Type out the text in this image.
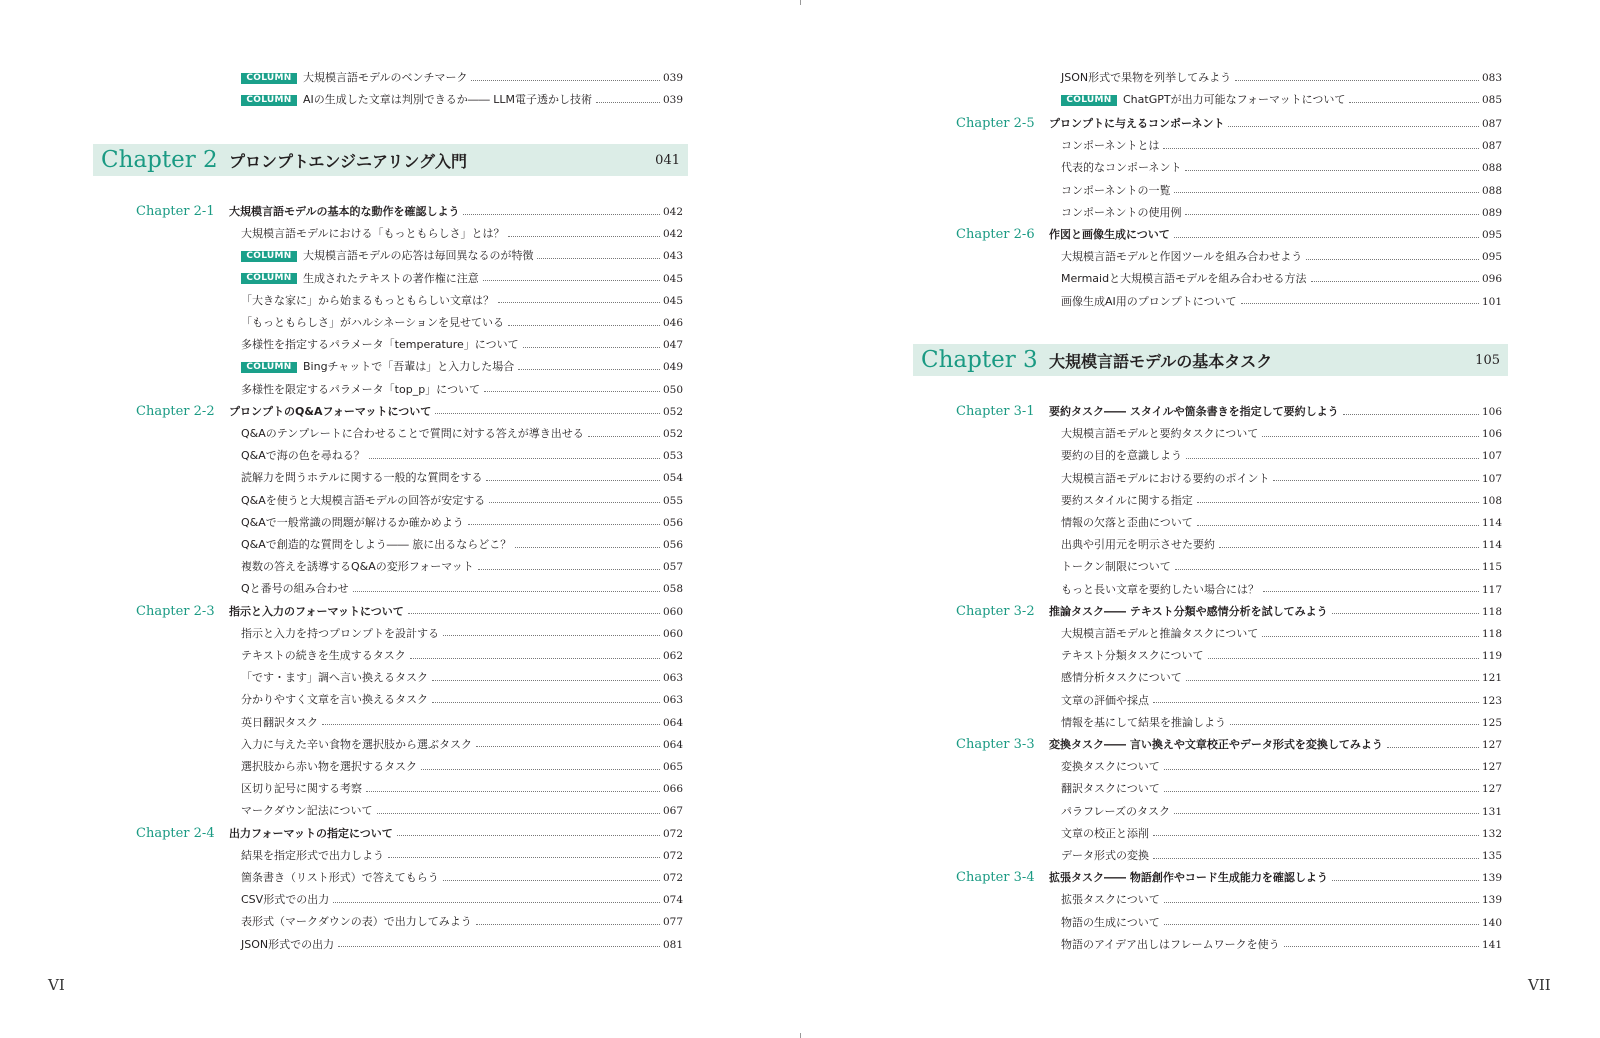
COLUMN	大規模言語モデルのベンチマーク	039
COLUMN	AIの生成した文章は判別できるか―― LLM電子透かし技術	039
Chapter 2 プロンプトエンジニアリング入門	041
Chapter 2-1 大規模言語モデルの基本的な動作を確認しよう	042
大規模言語モデルにおける「もっともらしさ」とは？	042
COLUMN	大規模言語モデルの応答は毎回異なるのが特徴	043
COLUMN	生成されたテキストの著作権に注意	045
「大きな家に」から始まるもっともらしい文章は？	045
「もっともらしさ」がハルシネーションを見せている	046
多様性を指定するパラメータ「temperature」について	047
COLUMN	Bingチャットで「吾輩は」と入力した場合	049
多様性を限定するパラメータ「top_p」について	050
Chapter 2-2 プロンプトのQ&Aフォーマットについて	052
Q&Aのテンプレートに合わせることで質問に対する答えが導き出せる	052
Q&Aで海の色を尋ねる？	053
読解力を問うホテルに関する一般的な質問をする	054
Q&Aを使うと大規模言語モデルの回答が安定する	055
Q&Aで一般常識の問題が解けるか確かめよう	056
Q&Aで創造的な質問をしよう―― 旅に出るならどこ？	056
複数の答えを誘導するQ&Aの変形フォーマット	057
Qと番号の組み合わせ	058
Chapter 2-3 指示と入力のフォーマットについて	060
指示と入力を持つプロンプトを設計する	060
テキストの続きを生成するタスク	062
「です・ます」調へ言い換えるタスク	063
分かりやすく文章を言い換えるタスク	063
英日翻訳タスク	064
入力に与えた辛い食物を選択肢から選ぶタスク	064
選択肢から赤い物を選択するタスク	065
区切り記号に関する考察	066
マークダウン記法について	067
Chapter 2-4 出力フォーマットの指定について	072
結果を指定形式で出力しよう	072
箇条書き（リスト形式）で答えてもらう	072
CSV形式での出力	074
表形式（マークダウンの表）で出力してみよう	077
JSON形式での出力	081
VI
JSON形式で果物を列挙してみよう	083
COLUMN	ChatGPTが出力可能なフォーマットについて	085
Chapter 2-5 プロンプトに与えるコンポーネント	087
コンポーネントとは	087
代表的なコンポーネント	088
コンポーネントの一覧	088
コンポーネントの使用例	089
Chapter 2-6 作図と画像生成について	095
大規模言語モデルと作図ツールを組み合わせよう	095
Mermaidと大規模言語モデルを組み合わせる方法	096
画像生成AI用のプロンプトについて	101
Chapter 3 大規模言語モデルの基本タスク	105
Chapter 3-1 要約タスク―― スタイルや箇条書きを指定して要約しよう	106
大規模言語モデルと要約タスクについて	106
要約の目的を意識しよう	107
大規模言語モデルにおける要約のポイント	107
要約スタイルに関する指定	108
情報の欠落と歪曲について	114
出典や引用元を明示させた要約	114
トークン制限について	115
もっと長い文章を要約したい場合には？	117
Chapter 3-2 推論タスク―― テキスト分類や感情分析を試してみよう	118
大規模言語モデルと推論タスクについて	118
テキスト分類タスクについて	119
感情分析タスクについて	121
文章の評価や採点	123
情報を基にして結果を推論しよう	125
Chapter 3-3 変換タスク―― 言い換えや文章校正やデータ形式を変換してみよう	127
変換タスクについて	127
翻訳タスクについて	127
パラフレーズのタスク	131
文章の校正と添削	132
データ形式の変換	135
Chapter 3-4 拡張タスク―― 物語創作やコード生成能力を確認しよう	139
拡張タスクについて	139
物語の生成について	140
物語のアイデア出しはフレームワークを使う	141
VII
